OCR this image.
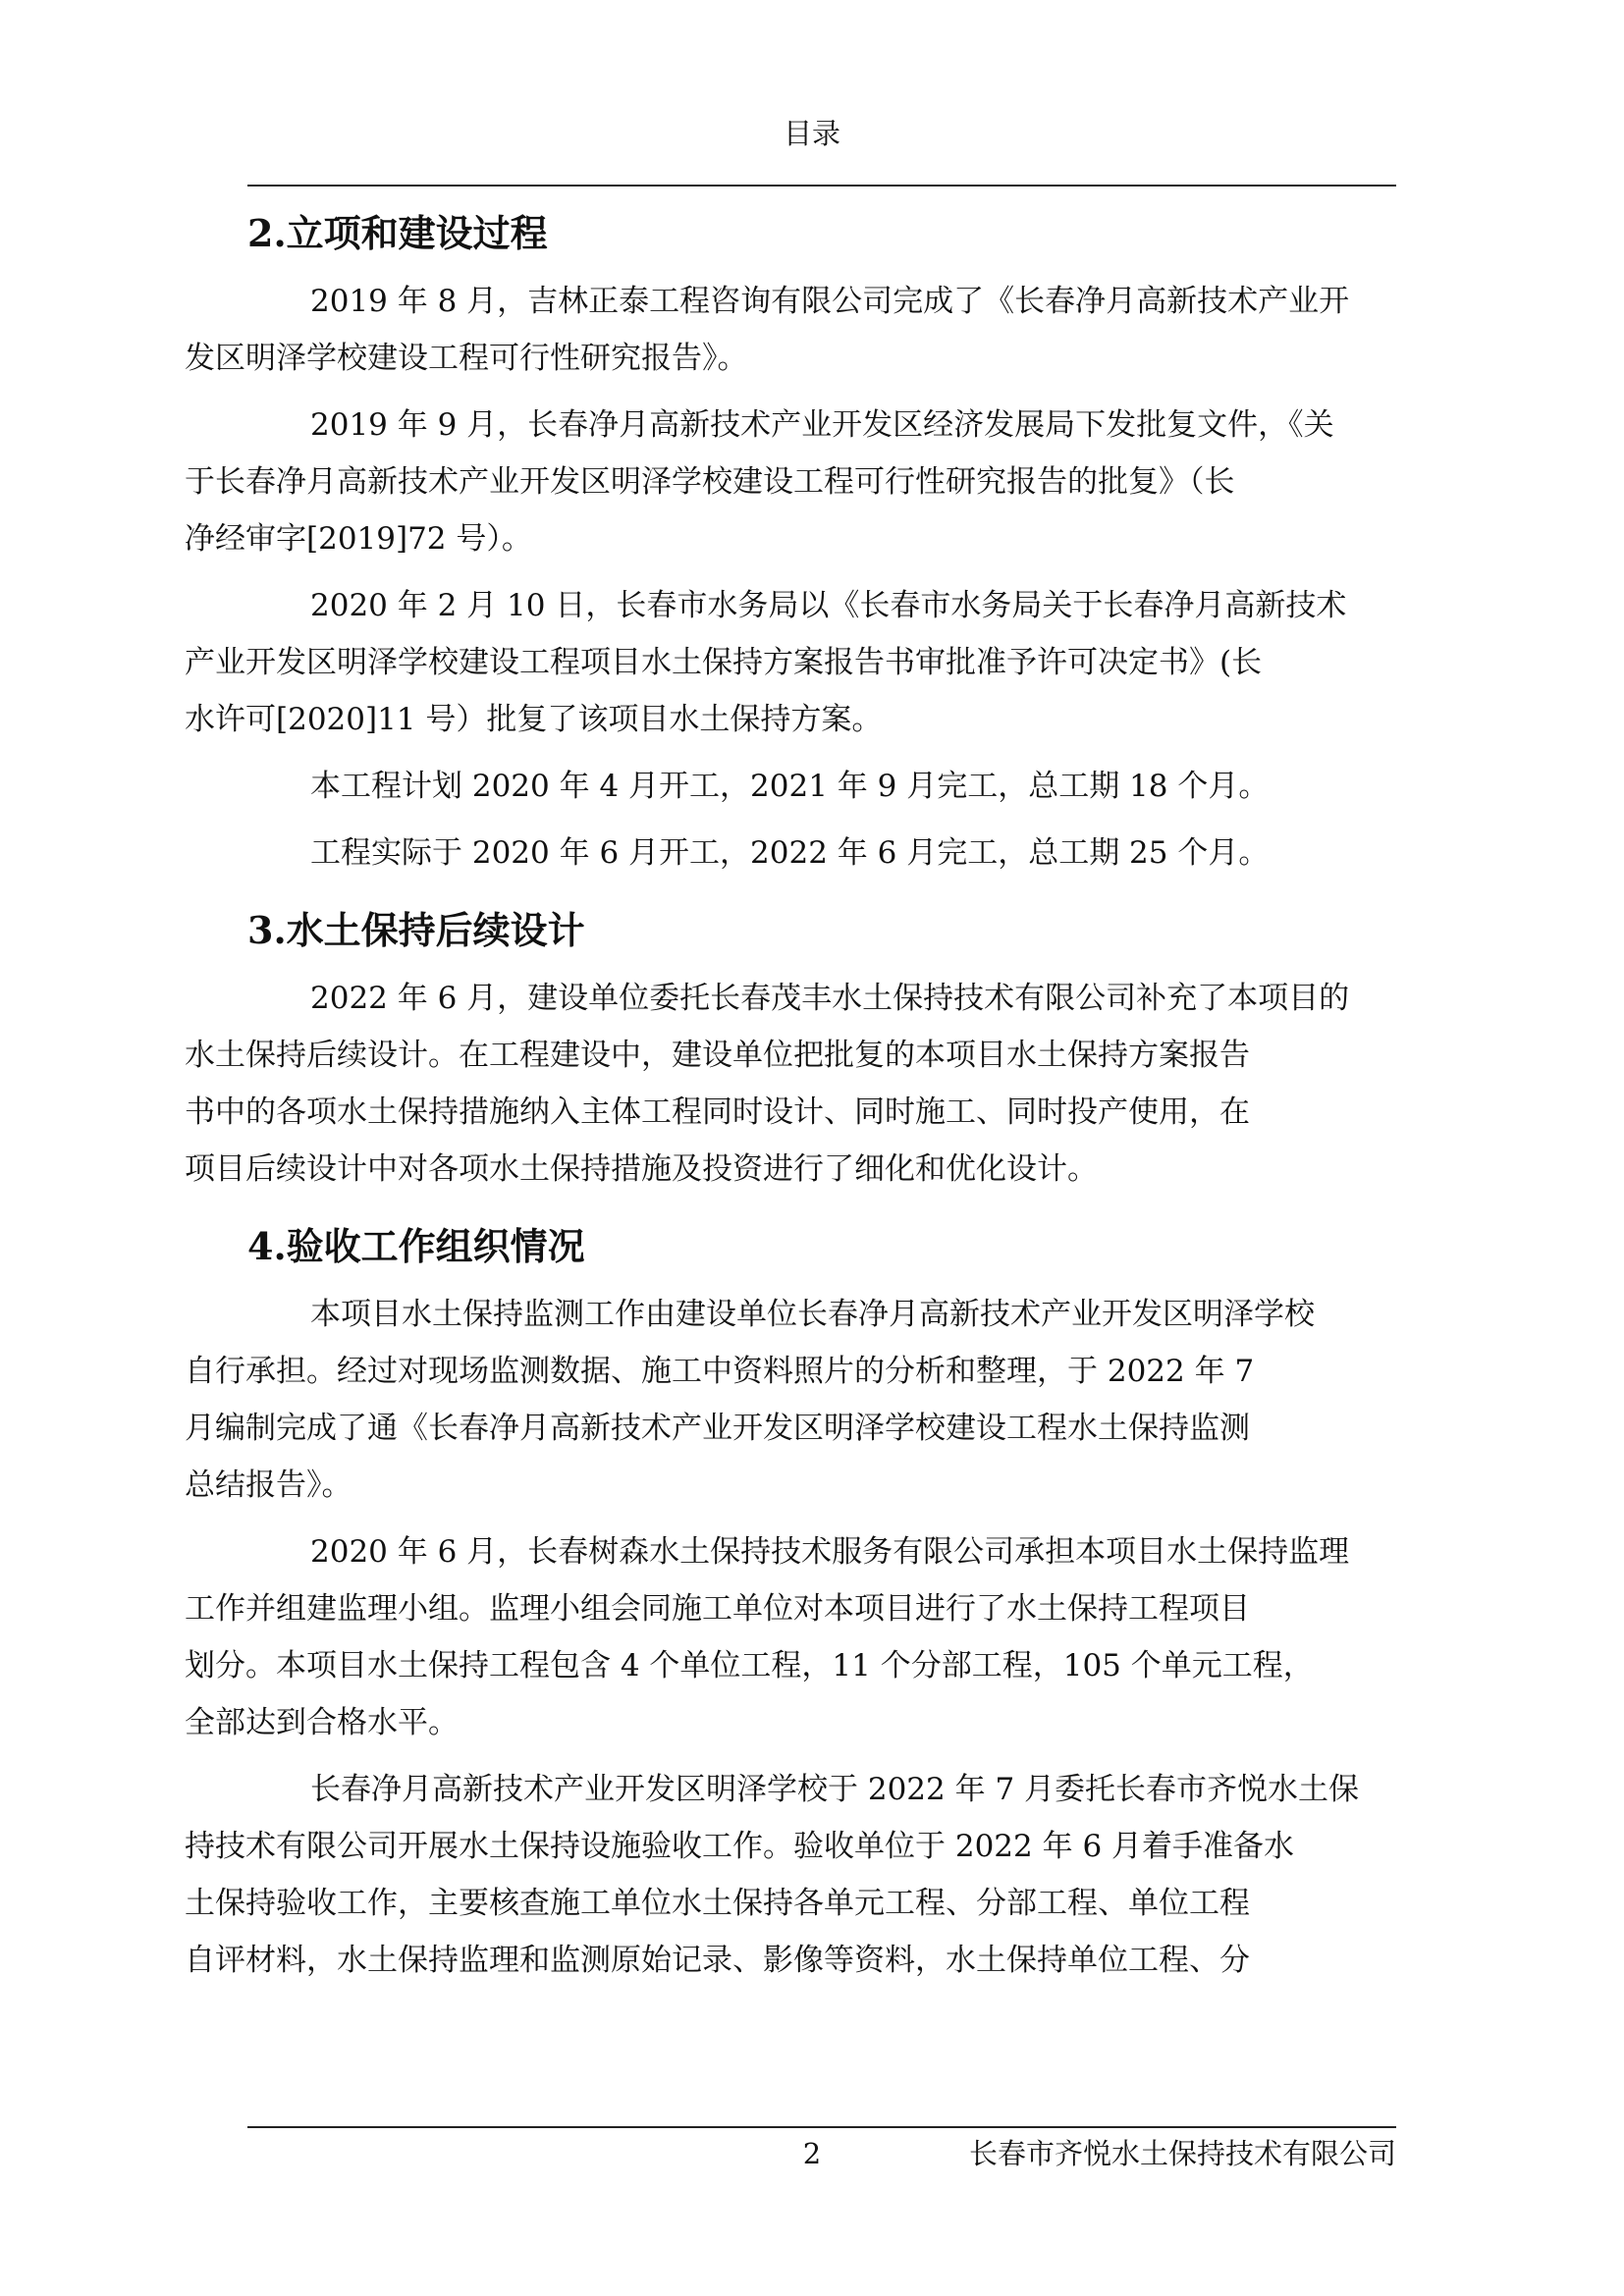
目录
2.立项和建设过程

2019 年 8 月，吉林正泰工程咨询有限公司完成了《长春净月高新技术产业开
发区明泽学校建设工程可行性研究报告》。

2019 年 9 月，长春净月高新技术产业开发区经济发展局下发批复文件，《关
于长春净月高新技术产业开发区明泽学校建设工程可行性研究报告的批复》（长
净经审字[2019]72 号）。

2020 年 2 月 10 日，长春市水务局以《长春市水务局关于长春净月高新技术
产业开发区明泽学校建设工程项目水土保持方案报告书审批准予许可决定书》(长
水许可[2020]11 号）批复了该项目水土保持方案。

本工程计划 2020 年 4 月开工，2021 年 9 月完工，总工期 18 个月。

工程实际于 2020 年 6 月开工，2022 年 6 月完工，总工期 25 个月。

3.水土保持后续设计

2022 年 6 月，建设单位委托长春茂丰水土保持技术有限公司补充了本项目的
水土保持后续设计。在工程建设中，建设单位把批复的本项目水土保持方案报告
书中的各项水土保持措施纳入主体工程同时设计、同时施工、同时投产使用，在
项目后续设计中对各项水土保持措施及投资进行了细化和优化设计。

4.验收工作组织情况

本项目水土保持监测工作由建设单位长春净月高新技术产业开发区明泽学校
自行承担。经过对现场监测数据、施工中资料照片的分析和整理，于 2022 年 7
月编制完成了通《长春净月高新技术产业开发区明泽学校建设工程水土保持监测
总结报告》。

2020 年 6 月，长春树森水土保持技术服务有限公司承担本项目水土保持监理
工作并组建监理小组。监理小组会同施工单位对本项目进行了水土保持工程项目
划分。本项目水土保持工程包含 4 个单位工程，11 个分部工程，105 个单元工程，
全部达到合格水平。

长春净月高新技术产业开发区明泽学校于 2022 年 7 月委托长春市齐悦水土保
持技术有限公司开展水土保持设施验收工作。验收单位于 2022 年 6 月着手准备水
土保持验收工作，主要核查施工单位水土保持各单元工程、分部工程、单位工程
自评材料，水土保持监理和监测原始记录、影像等资料，水土保持单位工程、分

2	长春市齐悦水土保持技术有限公司
